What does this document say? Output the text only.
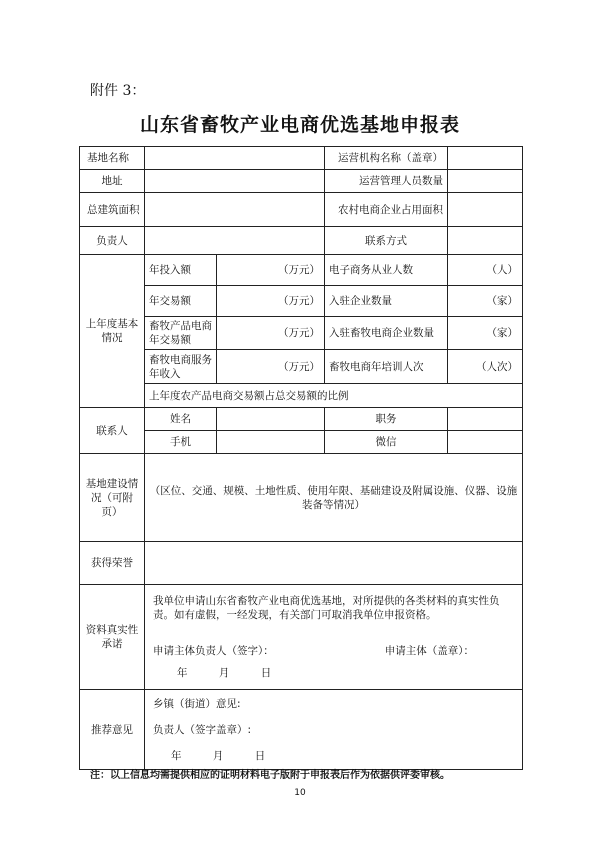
附件 3：
山东省畜牧产业电商优选基地申报表
基地名称			运营机构名称（盖章）	
地址			运营管理人员数量	
总建筑面积			农村电商企业占用面积	
负责人			联系方式	
上年度基本情况	年投入额	（万元）	电子商务从业人数	（人）
	年交易额	（万元）	入驻企业数量	（家）
	畜牧产品电商年交易额	（万元）	入驻畜牧电商企业数量	（家）
	畜牧电商服务年收入	（万元）	畜牧电商年培训人次	（人次）
	上年度农产品电商交易额占总交易额的比例			
联系人	姓名		职务	
	手机		微信	
基地建设情况（可附页）	（区位、交通、规模、土地性质、使用年限、基础建设及附属设施、仪器、设施装备等情况）			
获得荣誉				
资料真实性承诺	我单位申请山东省畜牧产业电商优选基地，对所提供的各类材料的真实性负责。如有虚假，一经发现，有关部门可取消我单位申报资格。

申请主体负责人（签字）： 申请主体（盖章）：

年 月 日			

推荐意见	乡镇（街道）意见:

负责人（签字盖章）:

年 月 日			

注：以上信息均需提供相应的证明材料电子版附于申报表后作为依据供评委审核。
10
